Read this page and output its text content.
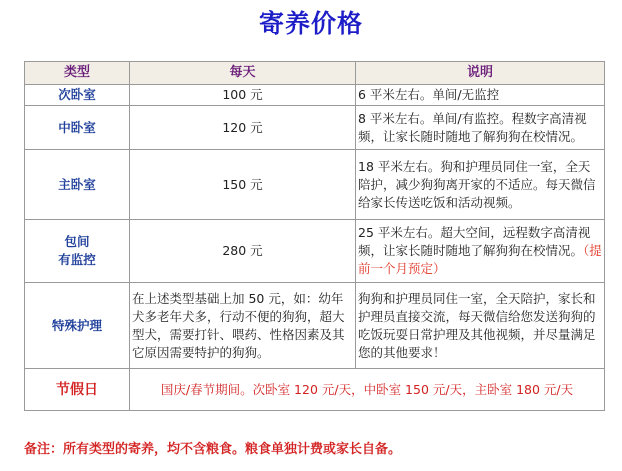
寄养价格
类型	每天	说明
次卧室	100 元	6 平米左右。单间/无监控
中卧室	120 元	8 平米左右。单间/有监控。程数字高清视频，让家长随时随地了解狗狗在校情况。
主卧室	150 元	18 平米左右。狗和护理员同住一室，全天陪护，减少狗狗离开家的不适应。每天微信给家长传送吃饭和活动视频。

包间
有监控	280 元	25 平米左右。超大空间，远程数字高清视频，让家长随时随地了解狗狗在校情况。（提前一个月预定）
特殊护理	在上述类型基础上加 50 元，如：幼年犬多老年犬多，行动不便的狗狗，超大型犬，需要打针、喂药、性格因素及其它原因需要特护的狗狗。	狗狗和护理员同住一室，全天陪护，家长和护理员直接交流，每天微信给您发送狗狗的吃饭玩耍日常护理及其他视频，并尽量满足您的其他要求！
节假日	国庆/春节期间。次卧室 120 元/天，中卧室 150 元/天，主卧室 180 元/天	
备注：所有类型的寄养，均不含粮食。粮食单独计费或家长自备。
